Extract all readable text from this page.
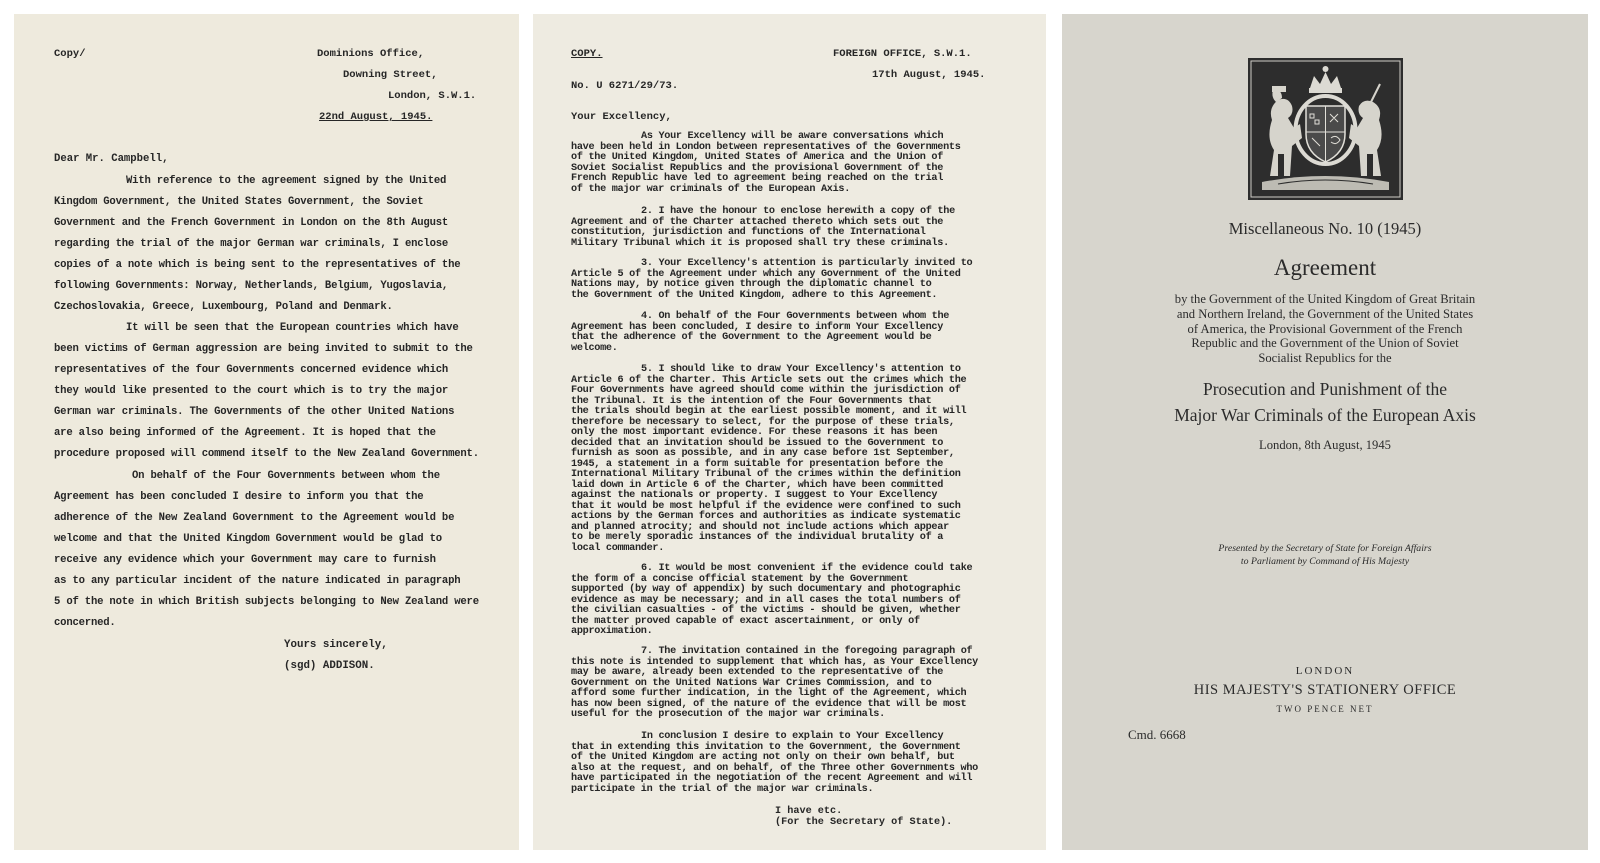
Copy/	Dominions Office,
Downing Street,
London, S.W.1.
22nd August, 1945.
Dear Mr. Campbell,
With reference to the agreement signed by the United
Kingdom Government, the United States Government, the Soviet
Government and the French Government in London on the 8th August
regarding the trial of the major German war criminals, I enclose
copies of a note which is being sent to the representatives of the
following Governments: Norway, Netherlands, Belgium, Yugoslavia,
Czechoslovakia, Greece, Luxembourg, Poland and Denmark.
It will be seen that the European countries which have
been victims of German aggression are being invited to submit to the
representatives of the four Governments concerned evidence which
they would like presented to the court which is to try the major
German war criminals. The Governments of the other United Nations
are also being informed of the Agreement. It is hoped that the
procedure proposed will commend itself to the New Zealand Government.
On behalf of the Four Governments between whom the
Agreement has been concluded I desire to inform you that the
adherence of the New Zealand Government to the Agreement would be
welcome and that the United Kingdom Government would be glad to
receive any evidence which your Government may care to furnish
as to any particular incident of the nature indicated in paragraph
5 of the note in which British subjects belonging to New Zealand were
concerned.
Yours sincerely,
(sgd) ADDISON.
COPY.	FOREIGN OFFICE, S.W.1.
17th August, 1945.
No. U 6271/29/73.
Your Excellency,
As Your Excellency will be aware conversations which
have been held in London between representatives of the Governments
of the United Kingdom, United States of America and the Union of
Soviet Socialist Republics and the provisional Government of the
French Republic have led to agreement being reached on the trial
of the major war criminals of the European Axis.
2. I have the honour to enclose herewith a copy of the
Agreement and of the Charter attached thereto which sets out the
constitution, jurisdiction and functions of the International
Military Tribunal which it is proposed shall try these criminals.
3. Your Excellency's attention is particularly invited to
Article 5 of the Agreement under which any Government of the United
Nations may, by notice given through the diplomatic channel to
the Government of the United Kingdom, adhere to this Agreement.
4. On behalf of the Four Governments between whom the
Agreement has been concluded, I desire to inform Your Excellency
that the adherence of the Government to the Agreement would be
welcome.
5. I should like to draw Your Excellency's attention to
Article 6 of the Charter. This Article sets out the crimes which the
Four Governments have agreed should come within the jurisdiction of
the Tribunal. It is the intention of the Four Governments that
the trials should begin at the earliest possible moment, and it will
therefore be necessary to select, for the purpose of these trials,
only the most important evidence. For these reasons it has been
decided that an invitation should be issued to the Government to
furnish as soon as possible, and in any case before 1st September,
1945, a statement in a form suitable for presentation before the
International Military Tribunal of the crimes within the definition
laid down in Article 6 of the Charter, which have been committed
against the nationals or property. I suggest to Your Excellency
that it would be most helpful if the evidence were confined to such
actions by the German forces and authorities as indicate systematic
and planned atrocity; and should not include actions which appear
to be merely sporadic instances of the individual brutality of a
local commander.
6. It would be most convenient if the evidence could take
the form of a concise official statement by the Government
supported (by way of appendix) by such documentary and photographic
evidence as may be necessary; and in all cases the total numbers of
the civilian casualties - of the victims - should be given, whether
the matter proved capable of exact ascertainment, or only of
approximation.
7. The invitation contained in the foregoing paragraph of
this note is intended to supplement that which has, as Your Excellency
may be aware, already been extended to the representative of the
Government on the United Nations War Crimes Commission, and to
afford some further indication, in the light of the Agreement, which
has now been signed, of the nature of the evidence that will be most
useful for the prosecution of the major war criminals.
In conclusion I desire to explain to Your Excellency
that in extending this invitation to the Government, the Government
of the United Kingdom are acting not only on their own behalf, but
also at the request, and on behalf, of the Three other Governments who
have participated in the negotiation of the recent Agreement and will
participate in the trial of the major war criminals.
I have etc.
(For the Secretary of State).
Miscellaneous No. 10 (1945)
Agreement
by the Government of the United Kingdom of Great Britain
and Northern Ireland, the Government of the United States
of America, the Provisional Government of the French
Republic and the Government of the Union of Soviet
Socialist Republics for the
Prosecution and Punishment of the
Major War Criminals of the European Axis
London, 8th August, 1945
Presented by the Secretary of State for Foreign Affairs
to Parliament by Command of His Majesty
LONDON
HIS MAJESTY'S STATIONERY OFFICE
TWO PENCE NET
Cmd. 6668
